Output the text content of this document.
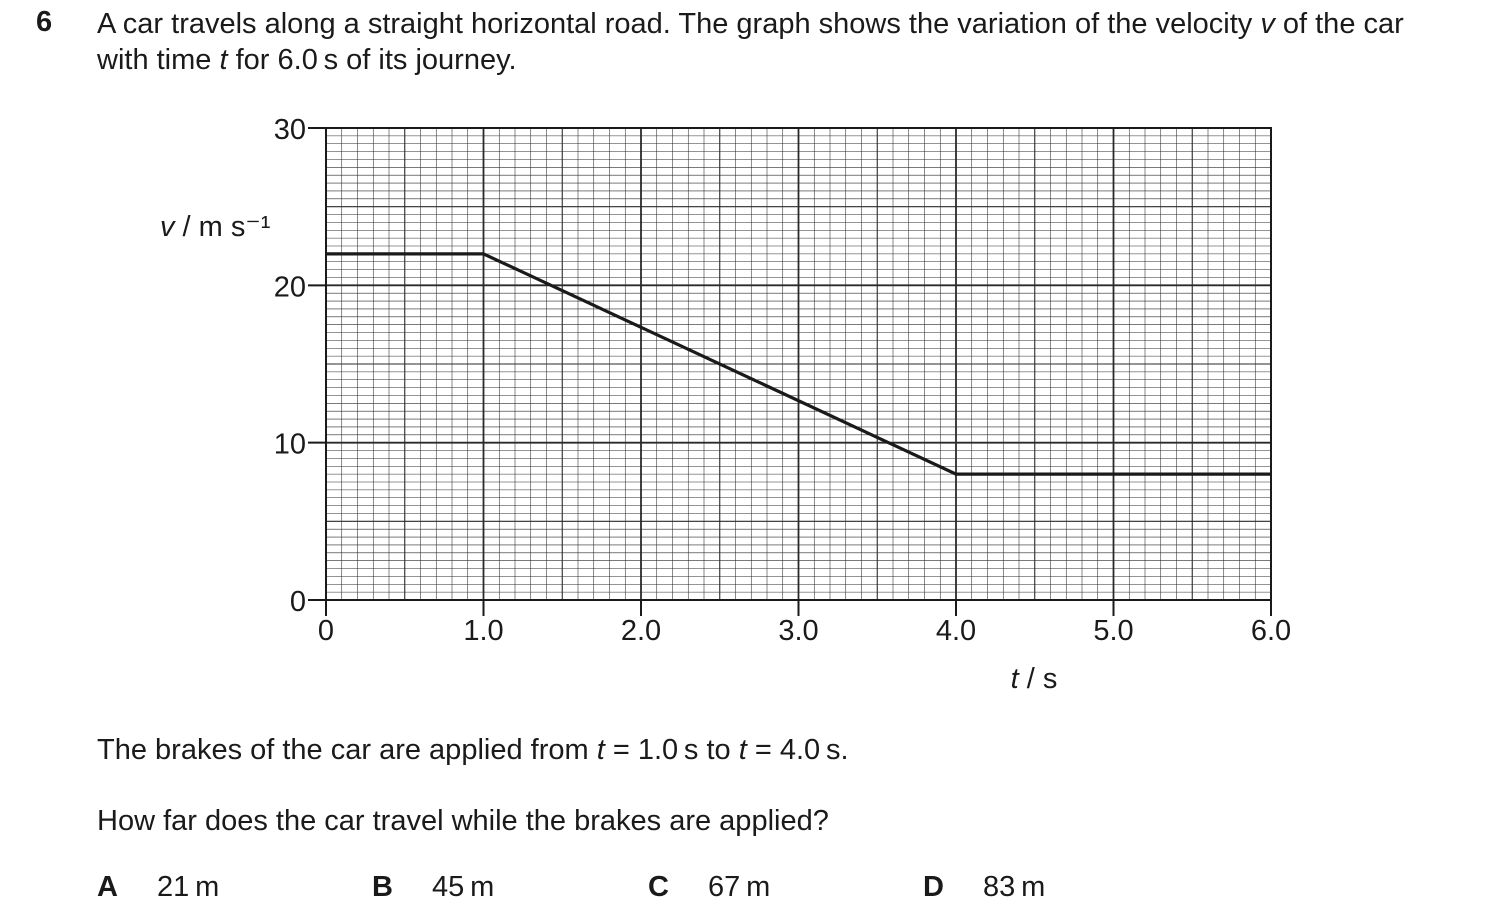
6 A car travels along a straight horizontal road. The graph shows the variation of the velocity v of the car with time t for 6.0 s of its journey.
0
10
20
30
0	1.0	2.0	3.0	4.0	5.0	6.0
v / m s⁻¹
t / s
The brakes of the car are applied from t = 1.0 s to t = 4.0 s.
How far does the car travel while the brakes are applied?
A 21 m	B 45 m	C 67 m	D 83 m
